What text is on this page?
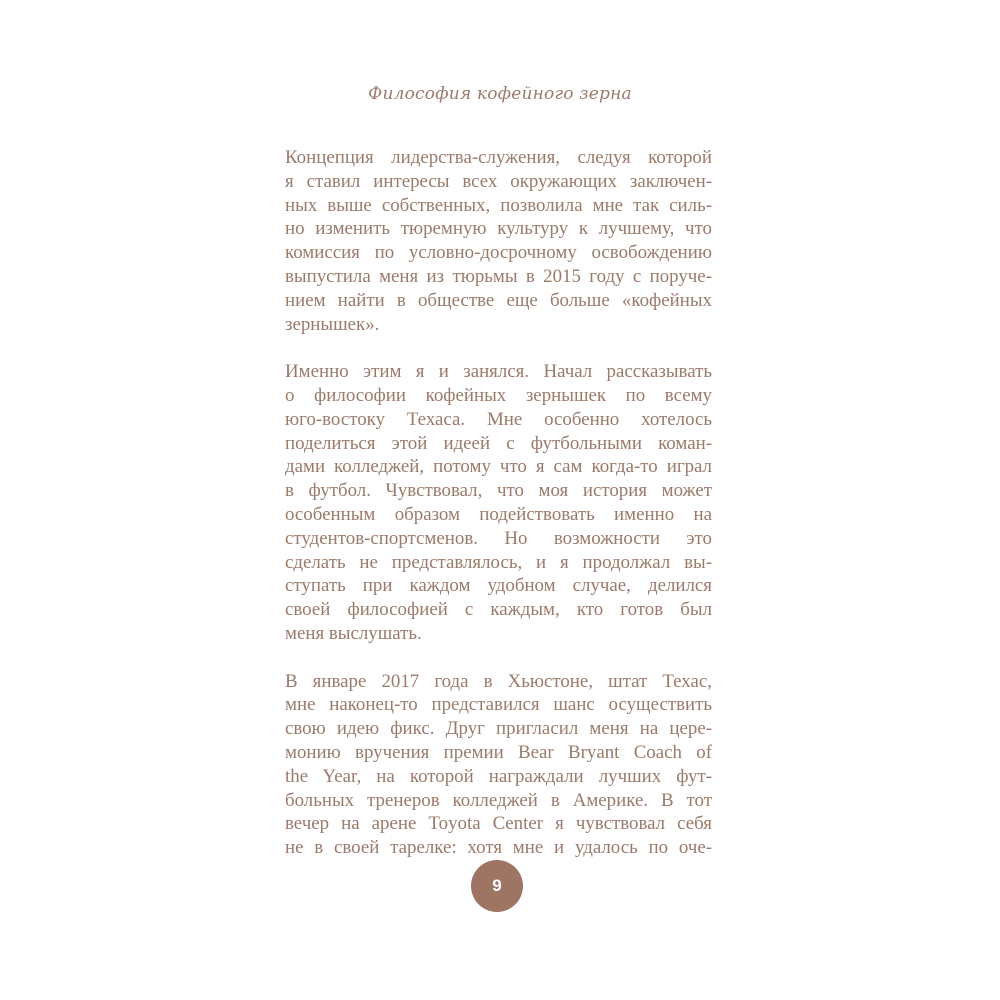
Философия кофейного зерна

Концепция лидерства-служения, следуя которой
я ставил интересы всех окружающих заключен-
ных выше собственных, позволила мне так силь-
но изменить тюремную культуру к лучшему, что
комиссия по условно-досрочному освобождению
выпустила меня из тюрьмы в 2015 году с поруче-
нием найти в обществе еще больше «кофейных
зернышек».

Именно этим я и занялся. Начал рассказывать
о философии кофейных зернышек по всему
юго-востоку Техаса. Мне особенно хотелось
поделиться этой идеей с футбольными коман-
дами колледжей, потому что я сам когда-то играл
в футбол. Чувствовал, что моя история может
особенным образом подействовать именно на
студентов-спортсменов. Но возможности это
сделать не представлялось, и я продолжал вы-
ступать при каждом удобном случае, делился
своей философией с каждым, кто готов был
меня выслушать.

В январе 2017 года в Хьюстоне, штат Техас,
мне наконец-то представился шанс осуществить
свою идею фикс. Друг пригласил меня на цере-
монию вручения премии Bear Bryant Coach of
the Year, на которой награждали лучших фут-
больных тренеров колледжей в Америке. В тот
вечер на арене Toyota Center я чувствовал себя
не в своей тарелке: хотя мне и удалось по оче-

9
